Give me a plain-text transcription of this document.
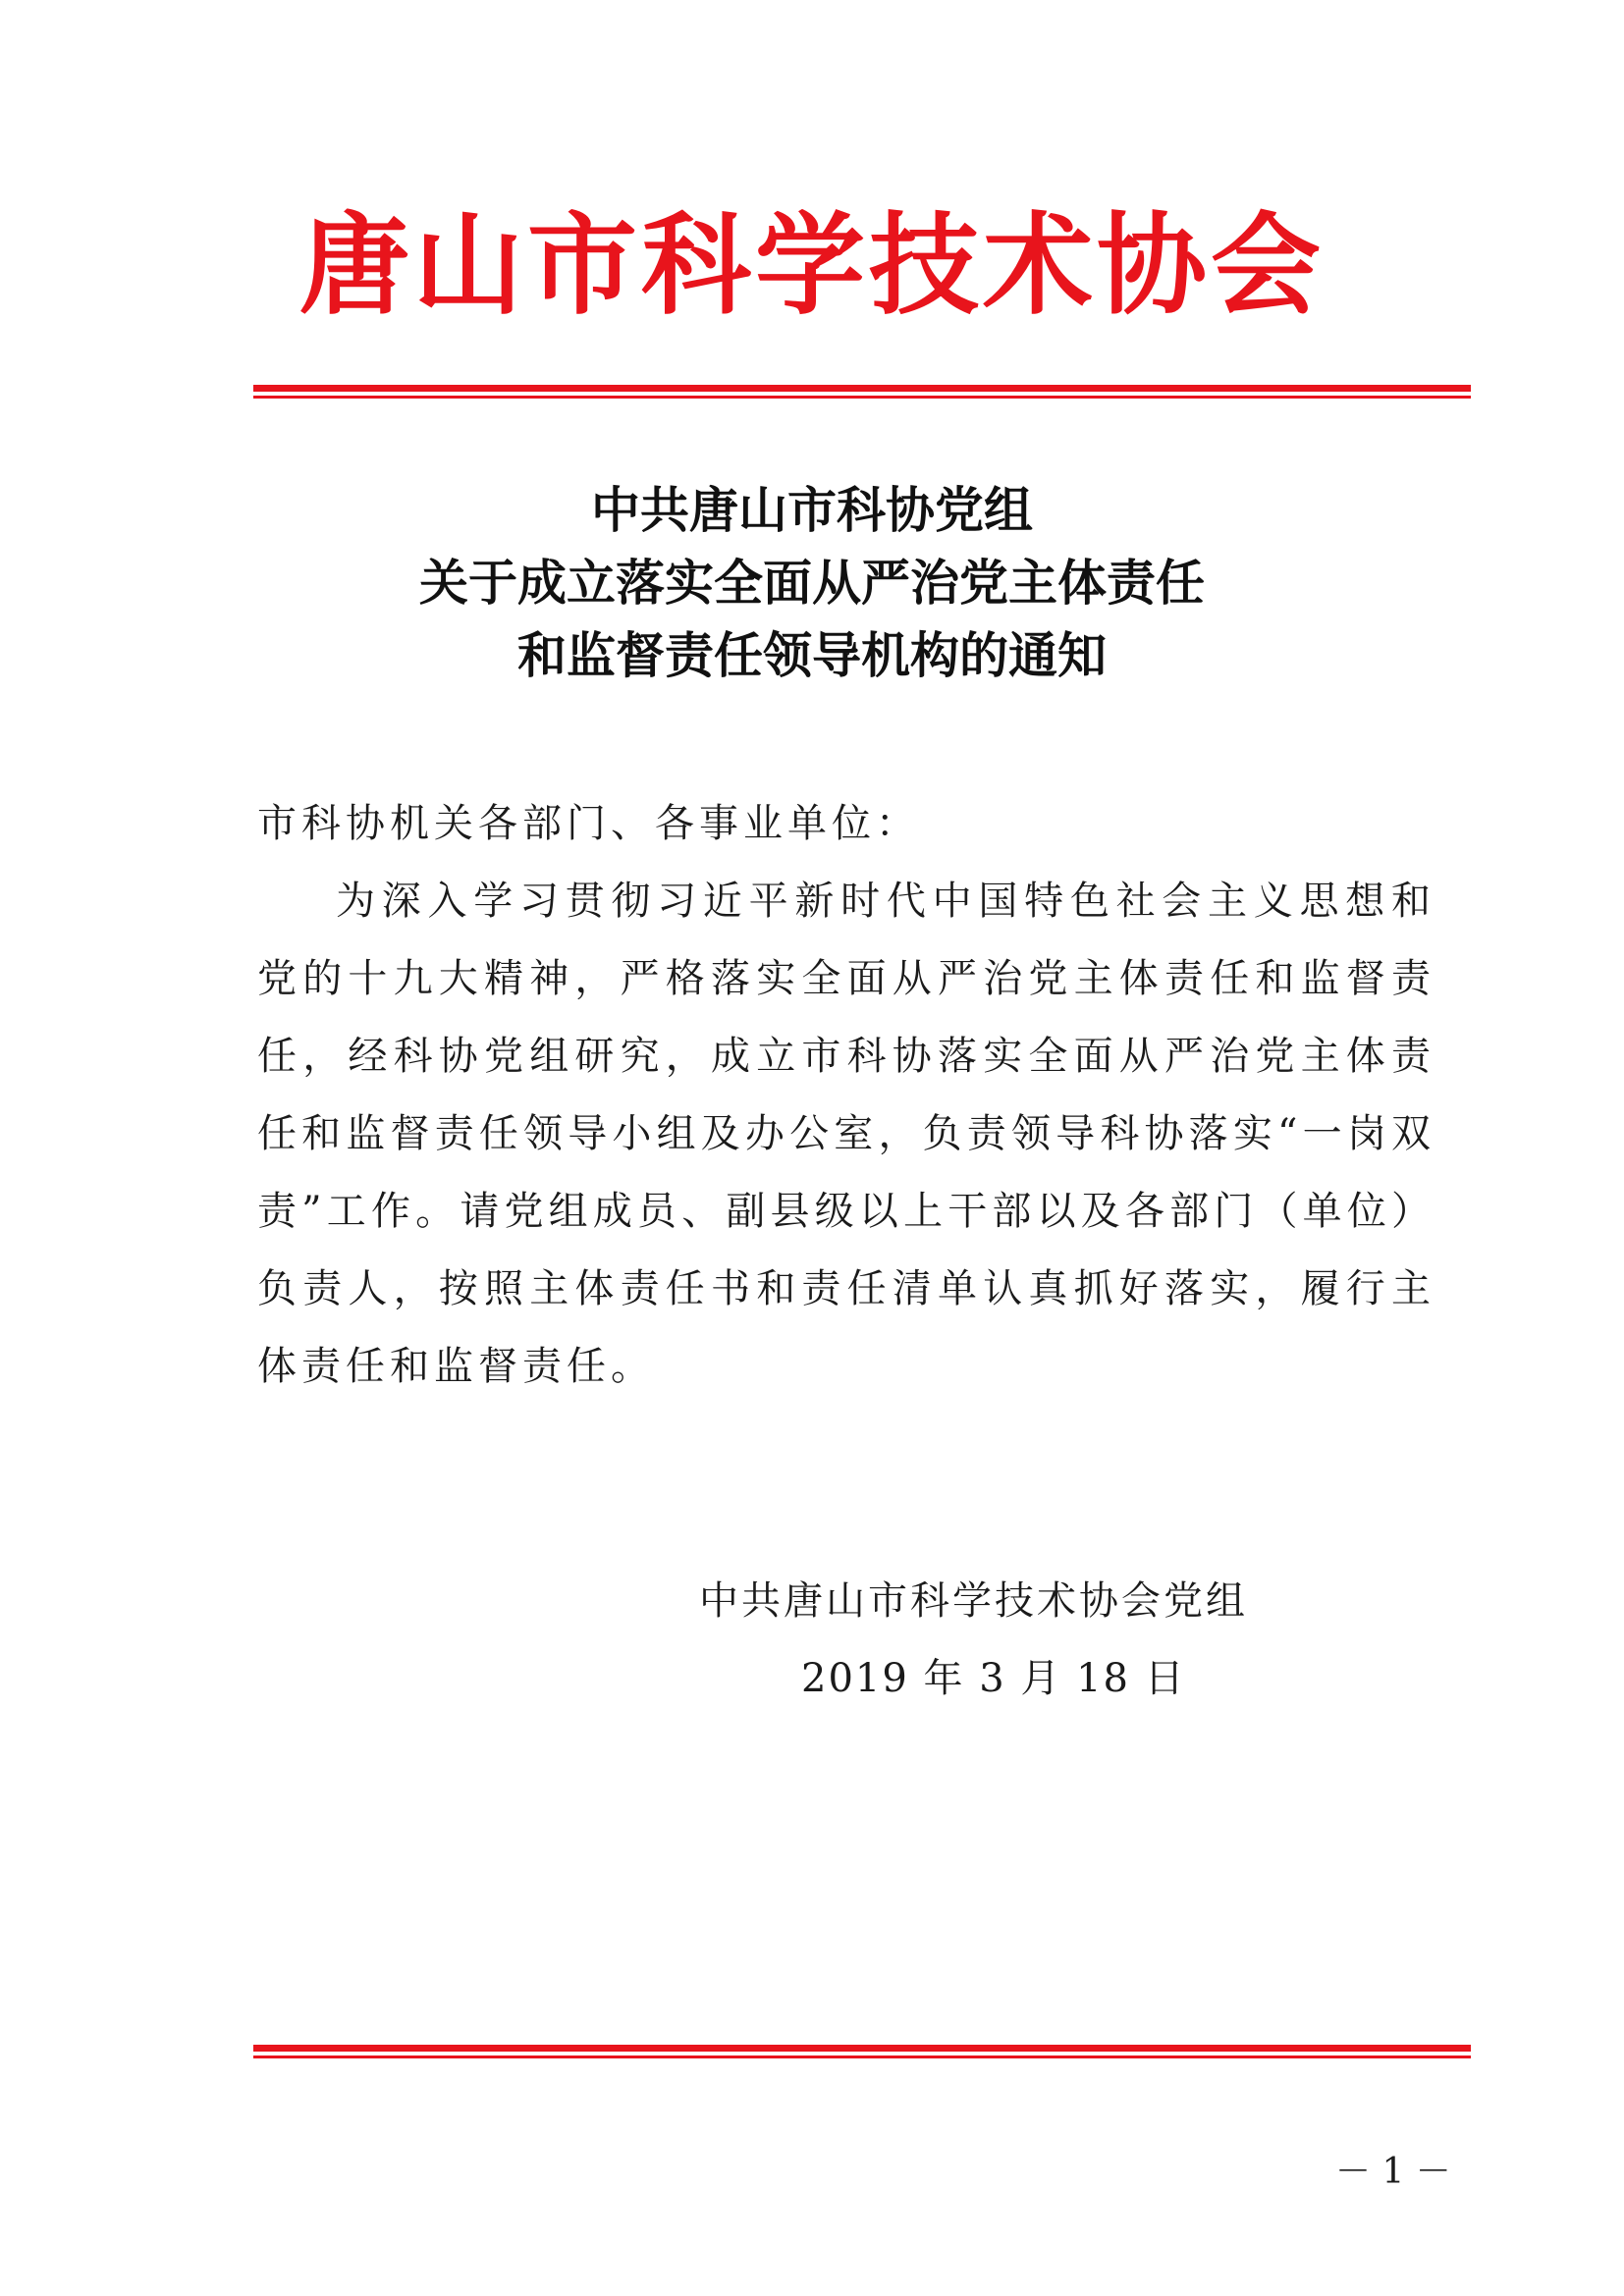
唐山市科学技术协会
中共唐山市科协党组
关于成立落实全面从严治党主体责任
和监督责任领导机构的通知
市科协机关各部门、各事业单位：
为深入学习贯彻习近平新时代中国特色社会主义思想和党的十九大精神，严格落实全面从严治党主体责任和监督责任，经科协党组研究，成立市科协落实全面从严治党主体责任和监督责任领导小组及办公室，负责领导科协落实“一岗双责”工作。请党组成员、副县级以上干部以及各部门（单位）负责人，按照主体责任书和责任清单认真抓好落实，履行主体责任和监督责任。
中共唐山市科学技术协会党组
2019 年 3 月 18 日
－ 1 －
